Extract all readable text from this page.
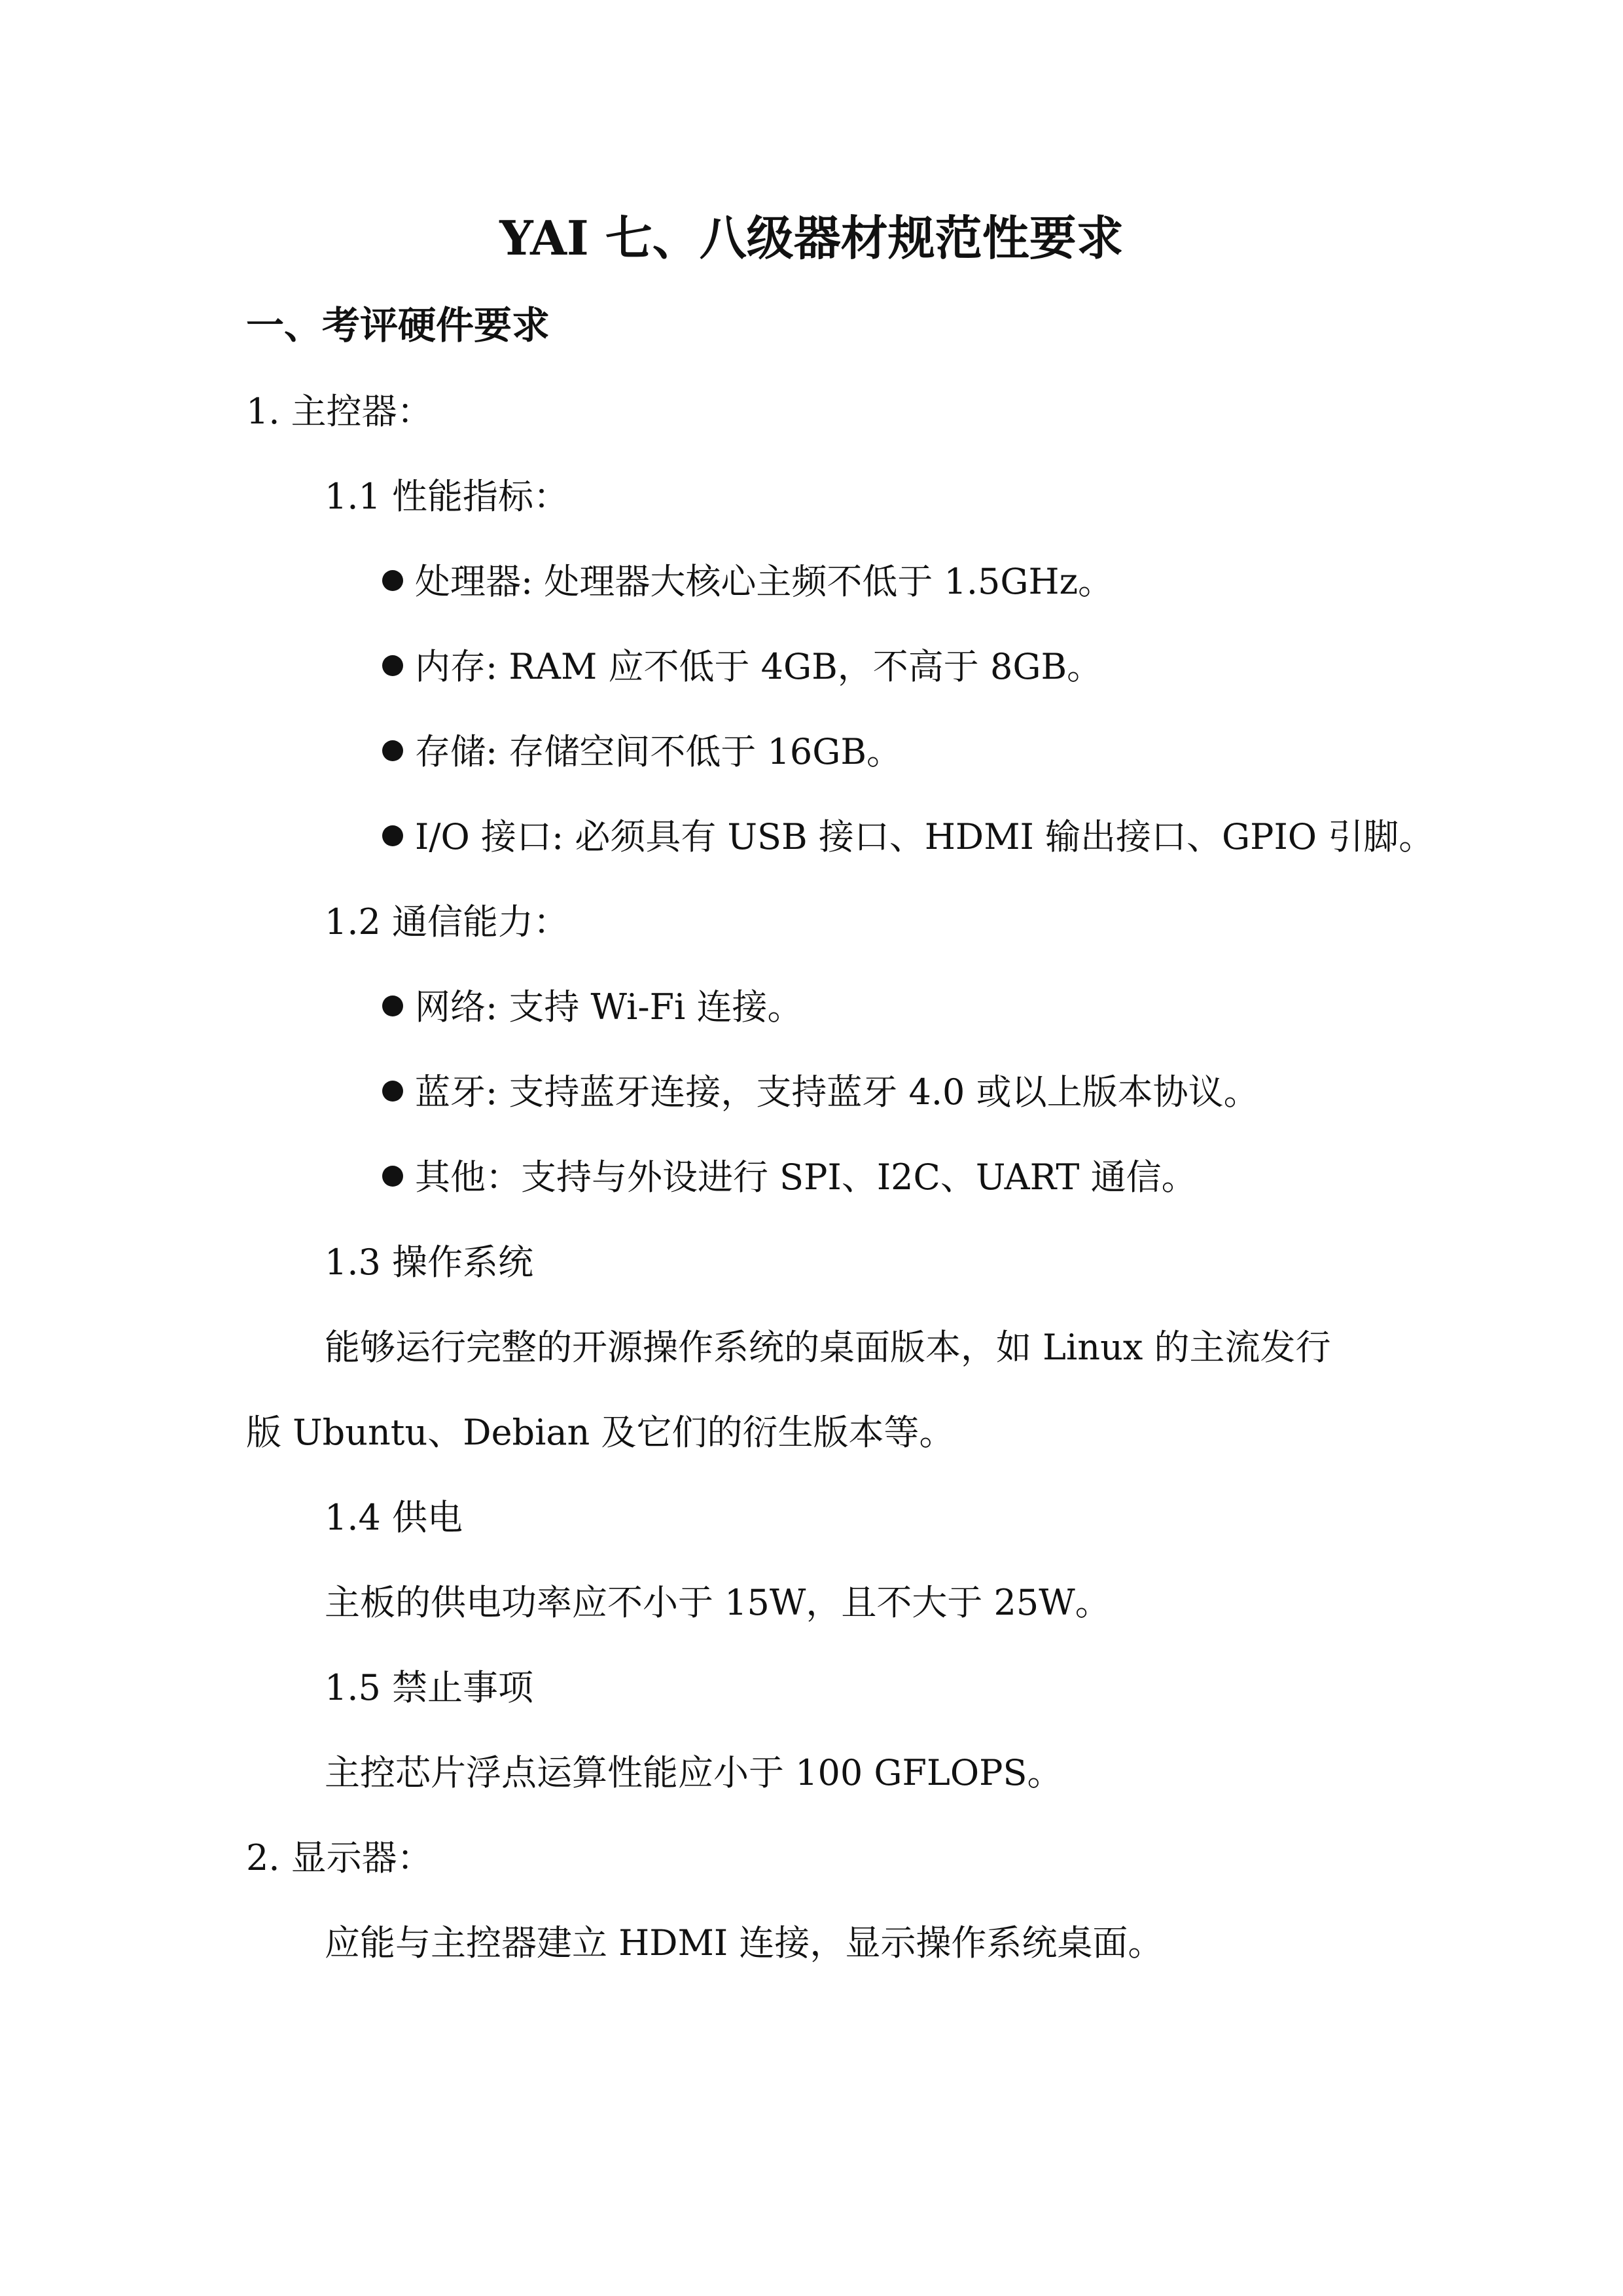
YAI 七、八级器材规范性要求
一、考评硬件要求
1. 主控器：
1.1 性能指标：
处理器: 处理器大核心主频不低于 1.5GHz。
内存: RAM 应不低于 4GB，不高于 8GB。
存储: 存储空间不低于 16GB。
I/O 接口: 必须具有 USB 接口、HDMI 输出接口、GPIO 引脚。
1.2 通信能力：
网络: 支持 Wi-Fi 连接。
蓝牙: 支持蓝牙连接，支持蓝牙 4.0 或以上版本协议。
其他：支持与外设进行 SPI、I2C、UART 通信。
1.3 操作系统
能够运行完整的开源操作系统的桌面版本，如 Linux 的主流发行
版 Ubuntu、Debian 及它们的衍生版本等。
1.4 供电
主板的供电功率应不小于 15W，且不大于 25W。
1.5 禁止事项
主控芯片浮点运算性能应小于 100 GFLOPS。
2. 显示器：
应能与主控器建立 HDMI 连接，显示操作系统桌面。
